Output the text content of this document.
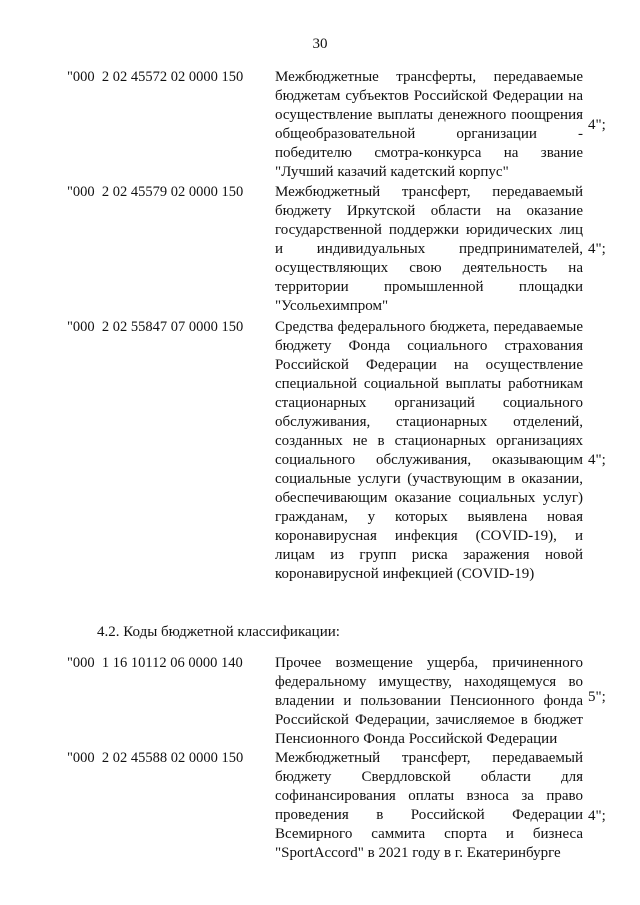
30
"000  2 02 45572 02 0000 150 Межбюджетные трансферты, передаваемые бюджетам субъектов Российской Федерации на осуществление выплаты денежного поощрения общеобразовательной организации - победителю смотра-конкурса на звание "Лучший казачий кадетский корпус"
4";
"000  2 02 45579 02 0000 150 Межбюджетный трансферт, передаваемый бюджету Иркутской области на оказание государственной поддержки юридических лиц и индивидуальных предпринимателей, осуществляющих свою деятельность на территории промышленной площадки "Усольехимпром"
4";
"000  2 02 55847 07 0000 150 Средства федерального бюджета, передаваемые бюджету Фонда социального страхования Российской Федерации на осуществление специальной социальной выплаты работникам стационарных организаций социального обслуживания, стационарных отделений, созданных не в стационарных организациях социального обслуживания, оказывающим социальные услуги (участвующим в оказании, обеспечивающим оказание социальных услуг) гражданам, у которых выявлена новая коронавирусная инфекция (COVID-19), и лицам из групп риска заражения новой коронавирусной инфекцией (COVID-19)
4";
4.2. Коды бюджетной классификации:
"000  1 16 10112 06 0000 140 Прочее возмещение ущерба, причиненного федеральному имуществу, находящемуся во владении и пользовании Пенсионного фонда Российской Федерации, зачисляемое в бюджет Пенсионного Фонда Российской Федерации
5";
"000  2 02 45588 02 0000 150 Межбюджетный трансферт, передаваемый бюджету Свердловской области для софинансирования оплаты взноса за право проведения в Российской Федерации Всемирного саммита спорта и бизнеса "SportAccord" в 2021 году в г. Екатеринбурге
4";
